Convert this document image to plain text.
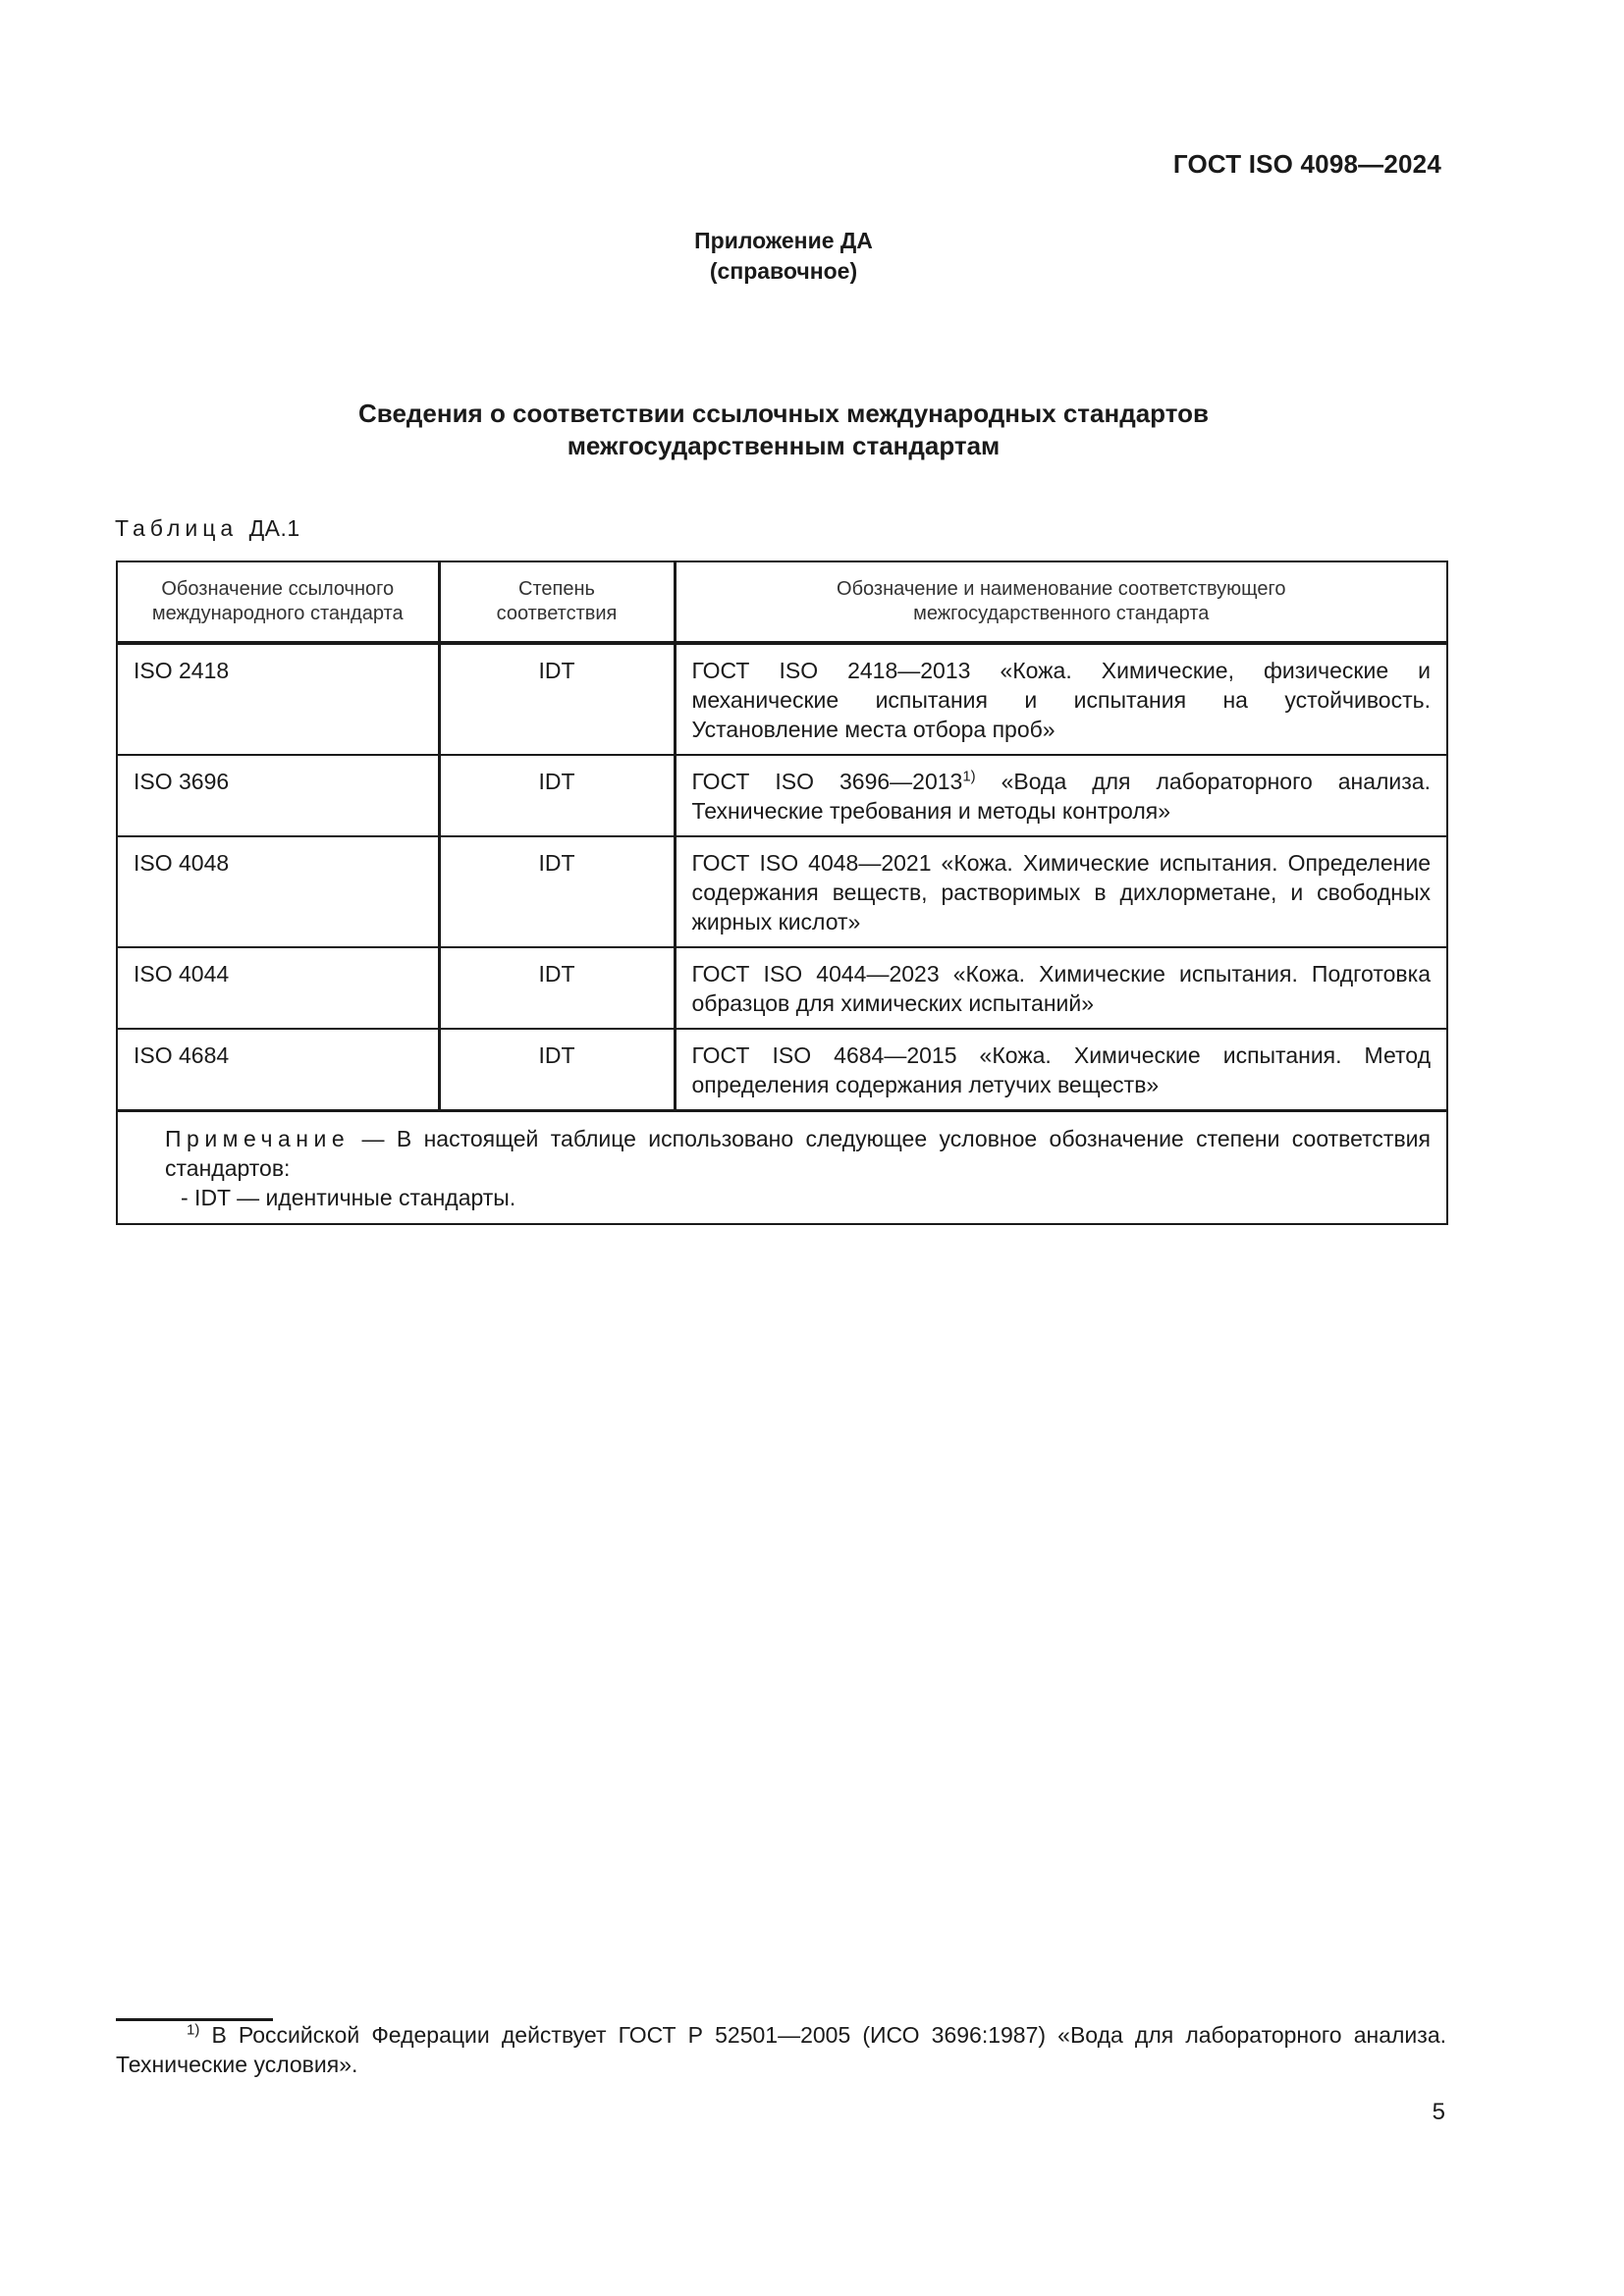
ГОСТ ISO 4098—2024
Приложение ДА
(справочное)
Сведения о соответствии ссылочных международных стандартов
межгосударственным стандартам
Таблица ДА.1
Обозначение ссылочного международного стандарта	Степень соответствия	Обозначение и наименование соответствующего межгосударственного стандарта
ISO 2418	IDT	ГОСТ ISO 2418—2013 «Кожа. Химические, физические и механические испытания и испытания на устойчивость. Установление места отбора проб»
ISO 3696	IDT	ГОСТ ISO 3696—2013$^{1)}$ «Вода для лабораторного анализа. Технические требования и методы контроля»
ISO 4048	IDT	ГОСТ ISO 4048—2021 «Кожа. Химические испытания. Определение содержания веществ, растворимых в дихлорметане, и свободных жирных кислот»
ISO 4044	IDT	ГОСТ ISO 4044—2023 «Кожа. Химические испытания. Подготовка образцов для химических испытаний»
ISO 4684	IDT	ГОСТ ISO 4684—2015 «Кожа. Химические испытания. Метод определения содержания летучих веществ»

Примечание — В настоящей таблице использовано следующее условное обозначение степени соответствия стандартов:
- IDT — идентичные стандарты.		
$^{1)}$ В Российской Федерации действует ГОСТ Р 52501—2005 (ИСО 3696:1987) «Вода для лабораторного анализа. Технические условия».
5
